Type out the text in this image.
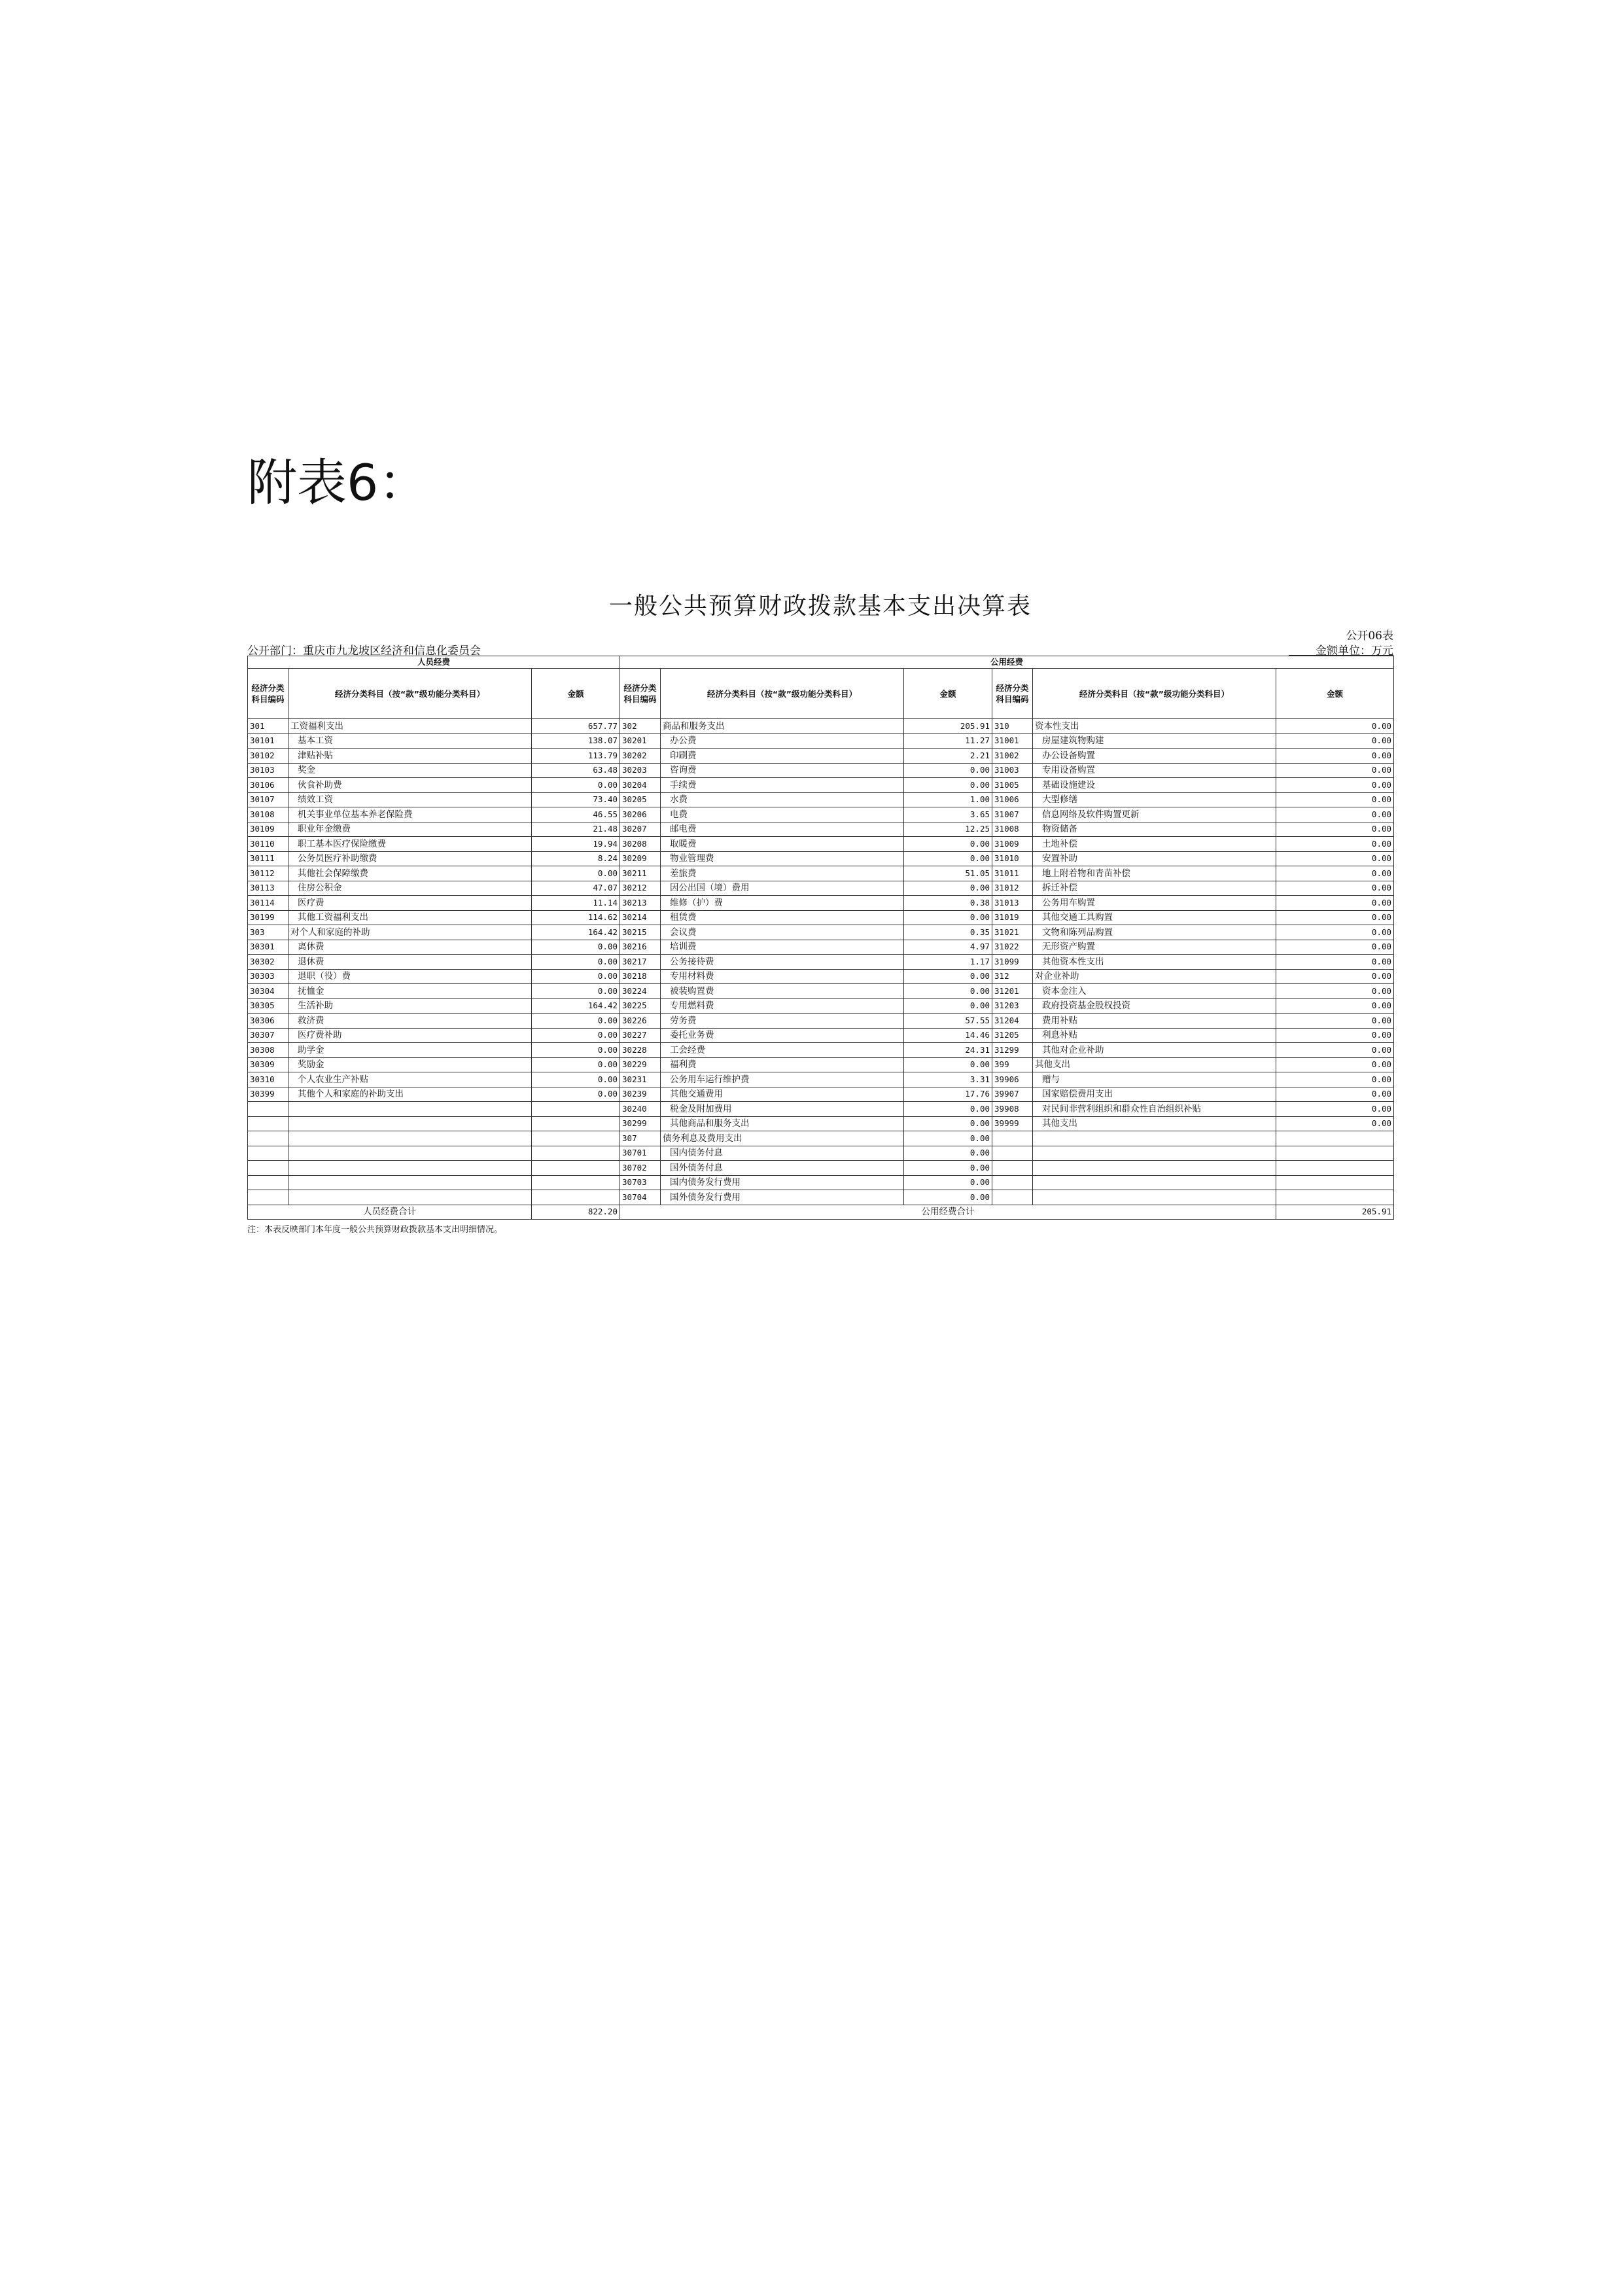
附表6：
一般公共预算财政拨款基本支出决算表
公开06表
公开部门：重庆市九龙坡区经济和信息化委员会	金额单位：万元
人员经费			公用经费					
经济分类科目编码	经济分类科目（按“款”级功能分类科目）	金额	经济分类科目编码	经济分类科目（按“款”级功能分类科目）	金额	经济分类科目编码	经济分类科目（按“款”级功能分类科目）	金额
301	工资福利支出	657.77	302	商品和服务支出	205.91	310	资本性支出	0.00
30101	基本工资	138.07	30201	办公费	11.27	31001	房屋建筑物购建	0.00
30102	津贴补贴	113.79	30202	印刷费	2.21	31002	办公设备购置	0.00
30103	奖金	63.48	30203	咨询费	0.00	31003	专用设备购置	0.00
30106	伙食补助费	0.00	30204	手续费	0.00	31005	基础设施建设	0.00
30107	绩效工资	73.40	30205	水费	1.00	31006	大型修缮	0.00
30108	机关事业单位基本养老保险费	46.55	30206	电费	3.65	31007	信息网络及软件购置更新	0.00
30109	职业年金缴费	21.48	30207	邮电费	12.25	31008	物资储备	0.00
30110	职工基本医疗保险缴费	19.94	30208	取暖费	0.00	31009	土地补偿	0.00
30111	公务员医疗补助缴费	8.24	30209	物业管理费	0.00	31010	安置补助	0.00
30112	其他社会保障缴费	0.00	30211	差旅费	51.05	31011	地上附着物和青苗补偿	0.00
30113	住房公积金	47.07	30212	因公出国（境）费用	0.00	31012	拆迁补偿	0.00
30114	医疗费	11.14	30213	维修（护）费	0.38	31013	公务用车购置	0.00
30199	其他工资福利支出	114.62	30214	租赁费	0.00	31019	其他交通工具购置	0.00
303	对个人和家庭的补助	164.42	30215	会议费	0.35	31021	文物和陈列品购置	0.00
30301	离休费	0.00	30216	培训费	4.97	31022	无形资产购置	0.00
30302	退休费	0.00	30217	公务接待费	1.17	31099	其他资本性支出	0.00
30303	退职（役）费	0.00	30218	专用材料费	0.00	312	对企业补助	0.00
30304	抚恤金	0.00	30224	被装购置费	0.00	31201	资本金注入	0.00
30305	生活补助	164.42	30225	专用燃料费	0.00	31203	政府投资基金股权投资	0.00
30306	救济费	0.00	30226	劳务费	57.55	31204	费用补贴	0.00
30307	医疗费补助	0.00	30227	委托业务费	14.46	31205	利息补贴	0.00
30308	助学金	0.00	30228	工会经费	24.31	31299	其他对企业补助	0.00
30309	奖励金	0.00	30229	福利费	0.00	399	其他支出	0.00
30310	个人农业生产补贴	0.00	30231	公务用车运行维护费	3.31	39906	赠与	0.00
30399	其他个人和家庭的补助支出	0.00	30239	其他交通费用	17.76	39907	国家赔偿费用支出	0.00
			30240	税金及附加费用	0.00	39908	对民间非营利组织和群众性自治组织补贴	0.00
			30299	其他商品和服务支出	0.00	39999	其他支出	0.00
			307	债务利息及费用支出	0.00			
			30701	国内债务付息	0.00			
			30702	国外债务付息	0.00			
			30703	国内债务发行费用	0.00			
			30704	国外债务发行费用	0.00			
人员经费合计		822.20	公用经费合计					205.91
注：本表反映部门本年度一般公共预算财政拨款基本支出明细情况。
